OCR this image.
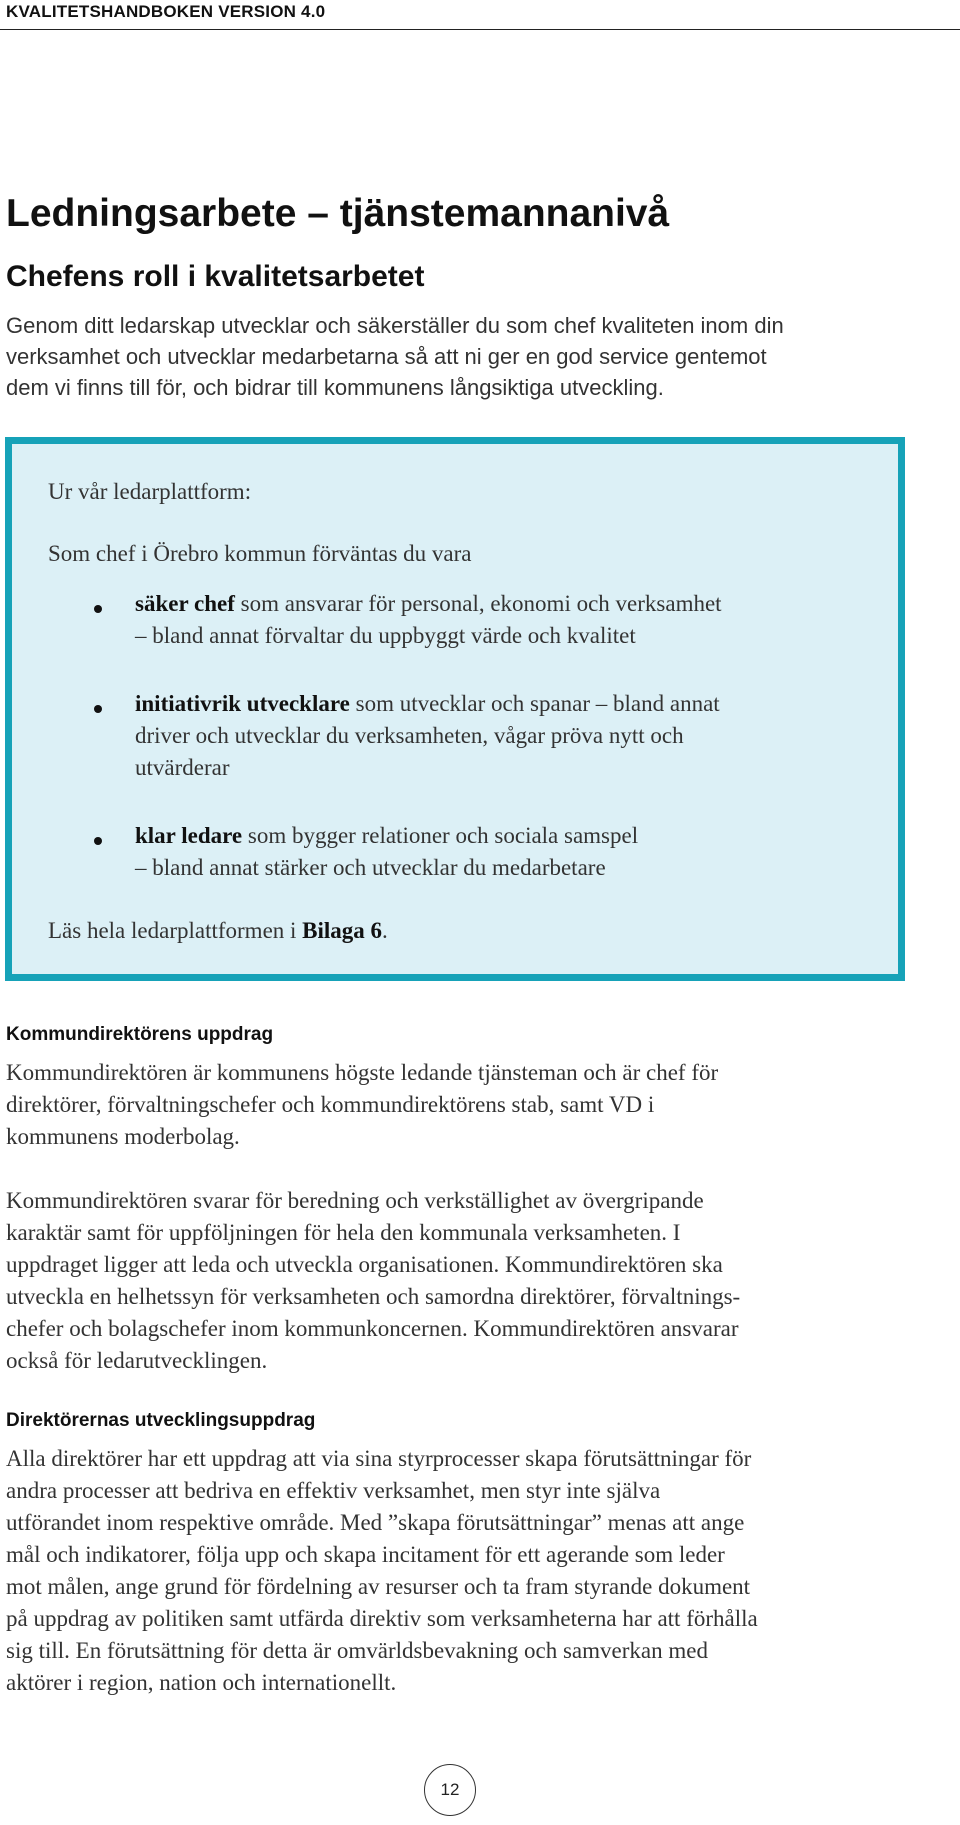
KVALITETSHANDBOKEN VERSION 4.0
Ledningsarbete – tjänstemannanivå
Chefens roll i kvalitetsarbetet
Genom ditt ledarskap utvecklar och säkerställer du som chef kvaliteten inom din
verksamhet och utvecklar medarbetarna så att ni ger en god service gentemot
dem vi finns till för, och bidrar till kommunens långsiktiga utveckling.
Ur vår ledarplattform:
Som chef i Örebro kommun förväntas du vara
säker chef som ansvarar för personal, ekonomi och verksamhet
– bland annat förvaltar du uppbyggt värde och kvalitet
initiativrik utvecklare som utvecklar och spanar – bland annat
driver och utvecklar du verksamheten, vågar pröva nytt och
utvärderar
klar ledare som bygger relationer och sociala samspel
– bland annat stärker och utvecklar du medarbetare
Läs hela ledarplattformen i Bilaga 6.
Kommundirektörens uppdrag
Kommundirektören är kommunens högste ledande tjänsteman och är chef för
direktörer, förvaltningschefer och kommundirektörens stab, samt VD i
kommunens moderbolag.
Kommundirektören svarar för beredning och verkställighet av övergripande
karaktär samt för uppföljningen för hela den kommunala verksamheten. I
uppdraget ligger att leda och utveckla organisationen. Kommundirektören ska
utveckla en helhetssyn för verksamheten och samordna direktörer, förvaltnings-
chefer och bolagschefer inom kommunkoncernen. Kommundirektören ansvarar
också för ledarutvecklingen.
Direktörernas utvecklingsuppdrag
Alla direktörer har ett uppdrag att via sina styrprocesser skapa förutsättningar för
andra processer att bedriva en effektiv verksamhet, men styr inte själva
utförandet inom respektive område. Med ”skapa förutsättningar” menas att ange
mål och indikatorer, följa upp och skapa incitament för ett agerande som leder
mot målen, ange grund för fördelning av resurser och ta fram styrande dokument
på uppdrag av politiken samt utfärda direktiv som verksamheterna har att förhålla
sig till. En förutsättning för detta är omvärldsbevakning och samverkan med
aktörer i region, nation och internationellt.
12
